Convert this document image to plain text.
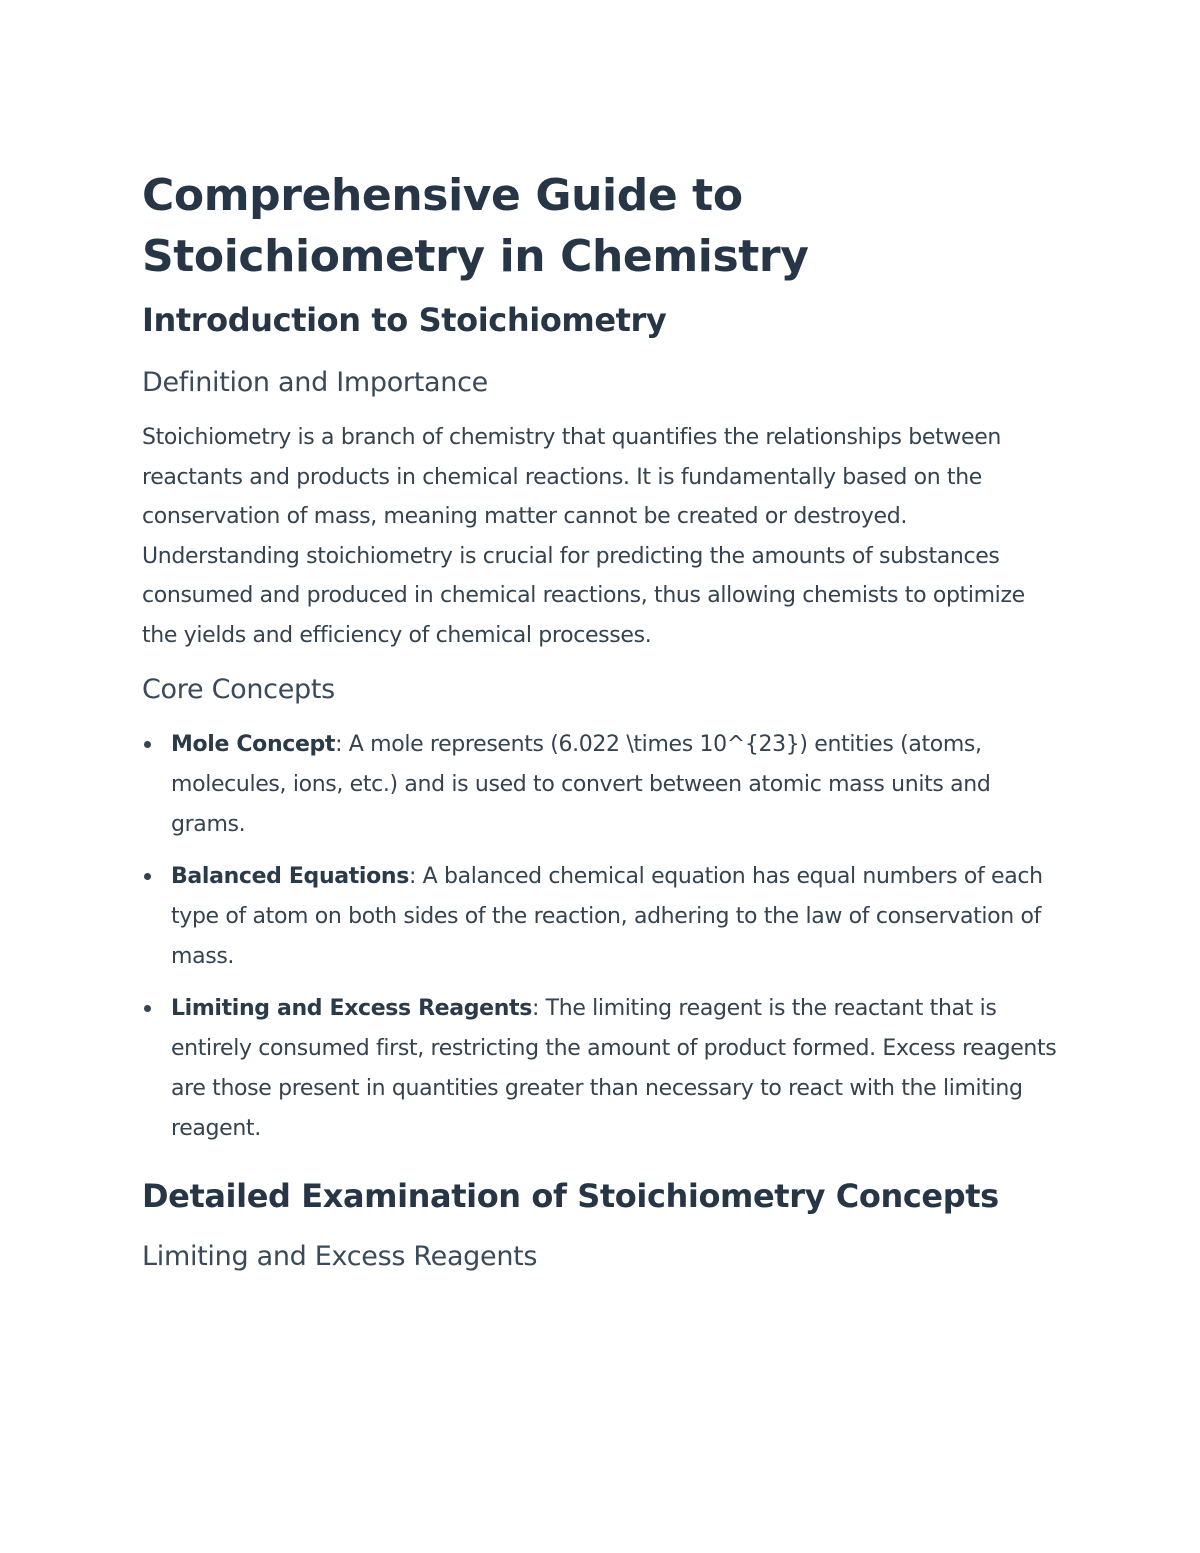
Comprehensive Guide to Stoichiometry in Chemistry
Introduction to Stoichiometry
Definition and Importance

Stoichiometry is a branch of chemistry that quantifies the relationships between reactants and products in chemical reactions. It is fundamentally based on the conservation of mass, meaning matter cannot be created or destroyed. Understanding stoichiometry is crucial for predicting the amounts of substances consumed and produced in chemical reactions, thus allowing chemists to optimize the yields and efficiency of chemical processes.

Core Concepts
Mole Concept: A mole represents (6.022 \times 10^{23}) entities (atoms, molecules, ions, etc.) and is used to convert between atomic mass units and grams.
Balanced Equations: A balanced chemical equation has equal numbers of each type of atom on both sides of the reaction, adhering to the law of conservation of mass.
Limiting and Excess Reagents: The limiting reagent is the reactant that is entirely consumed first, restricting the amount of product formed. Excess reagents are those present in quantities greater than necessary to react with the limiting reagent.
Detailed Examination of Stoichiometry Concepts
Limiting and Excess Reagents
